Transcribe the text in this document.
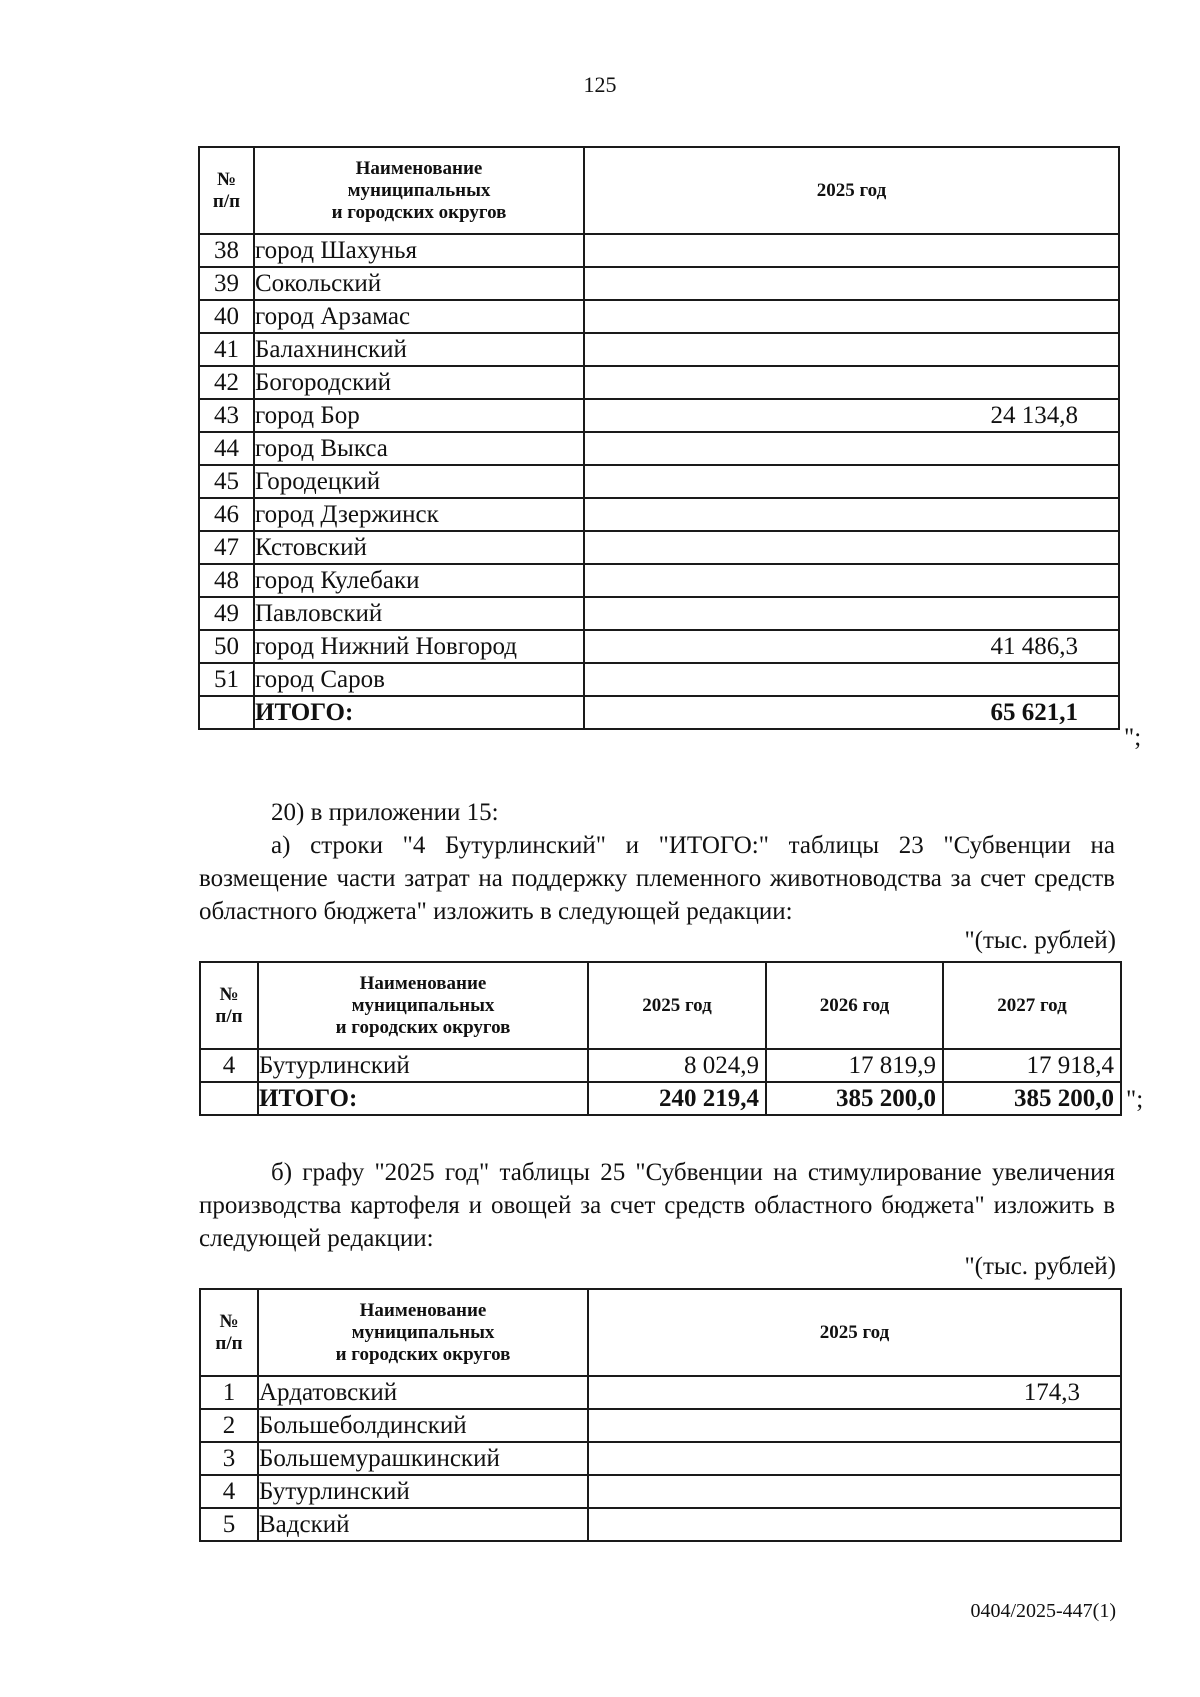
125
№
п/п	Наименование
муниципальных
и городских округов	2025 год
38	город Шахунья	
39	Сокольский	
40	город Арзамас	
41	Балахнинский	
42	Богородский	
43	город Бор	24 134,8
44	город Выкса	
45	Городецкий	
46	город Дзержинск	
47	Кстовский	
48	город Кулебаки	
49	Павловский	
50	город Нижний Новгород	41 486,3
51	город Саров	
	ИТОГО:	65 621,1
";

20) в приложении 15:

а) строки "4 Бутурлинский" и "ИТОГО:" таблицы 23 "Субвенции на возмещение части затрат на поддержку племенного животноводства за счет средств областного бюджета" изложить в следующей редакции:

"(тыс. рублей)
№
п/п	Наименование
муниципальных
и городских округов	2025 год	2026 год	2027 год
4	Бутурлинский	8 024,9	17 819,9	17 918,4
	ИТОГО:	240 219,4	385 200,0	385 200,0 ";

б) графу "2025 год" таблицы 25 "Субвенции на стимулирование увеличения производства картофеля и овощей за счет средств областного бюджета" изложить в следующей редакции:

"(тыс. рублей)
№
п/п	Наименование
муниципальных
и городских округов	2025 год
1	Ардатовский	174,3
2	Большеболдинский	
3	Большемурашкинский	
4	Бутурлинский	
5	Вадский	
0404/2025-447(1)
